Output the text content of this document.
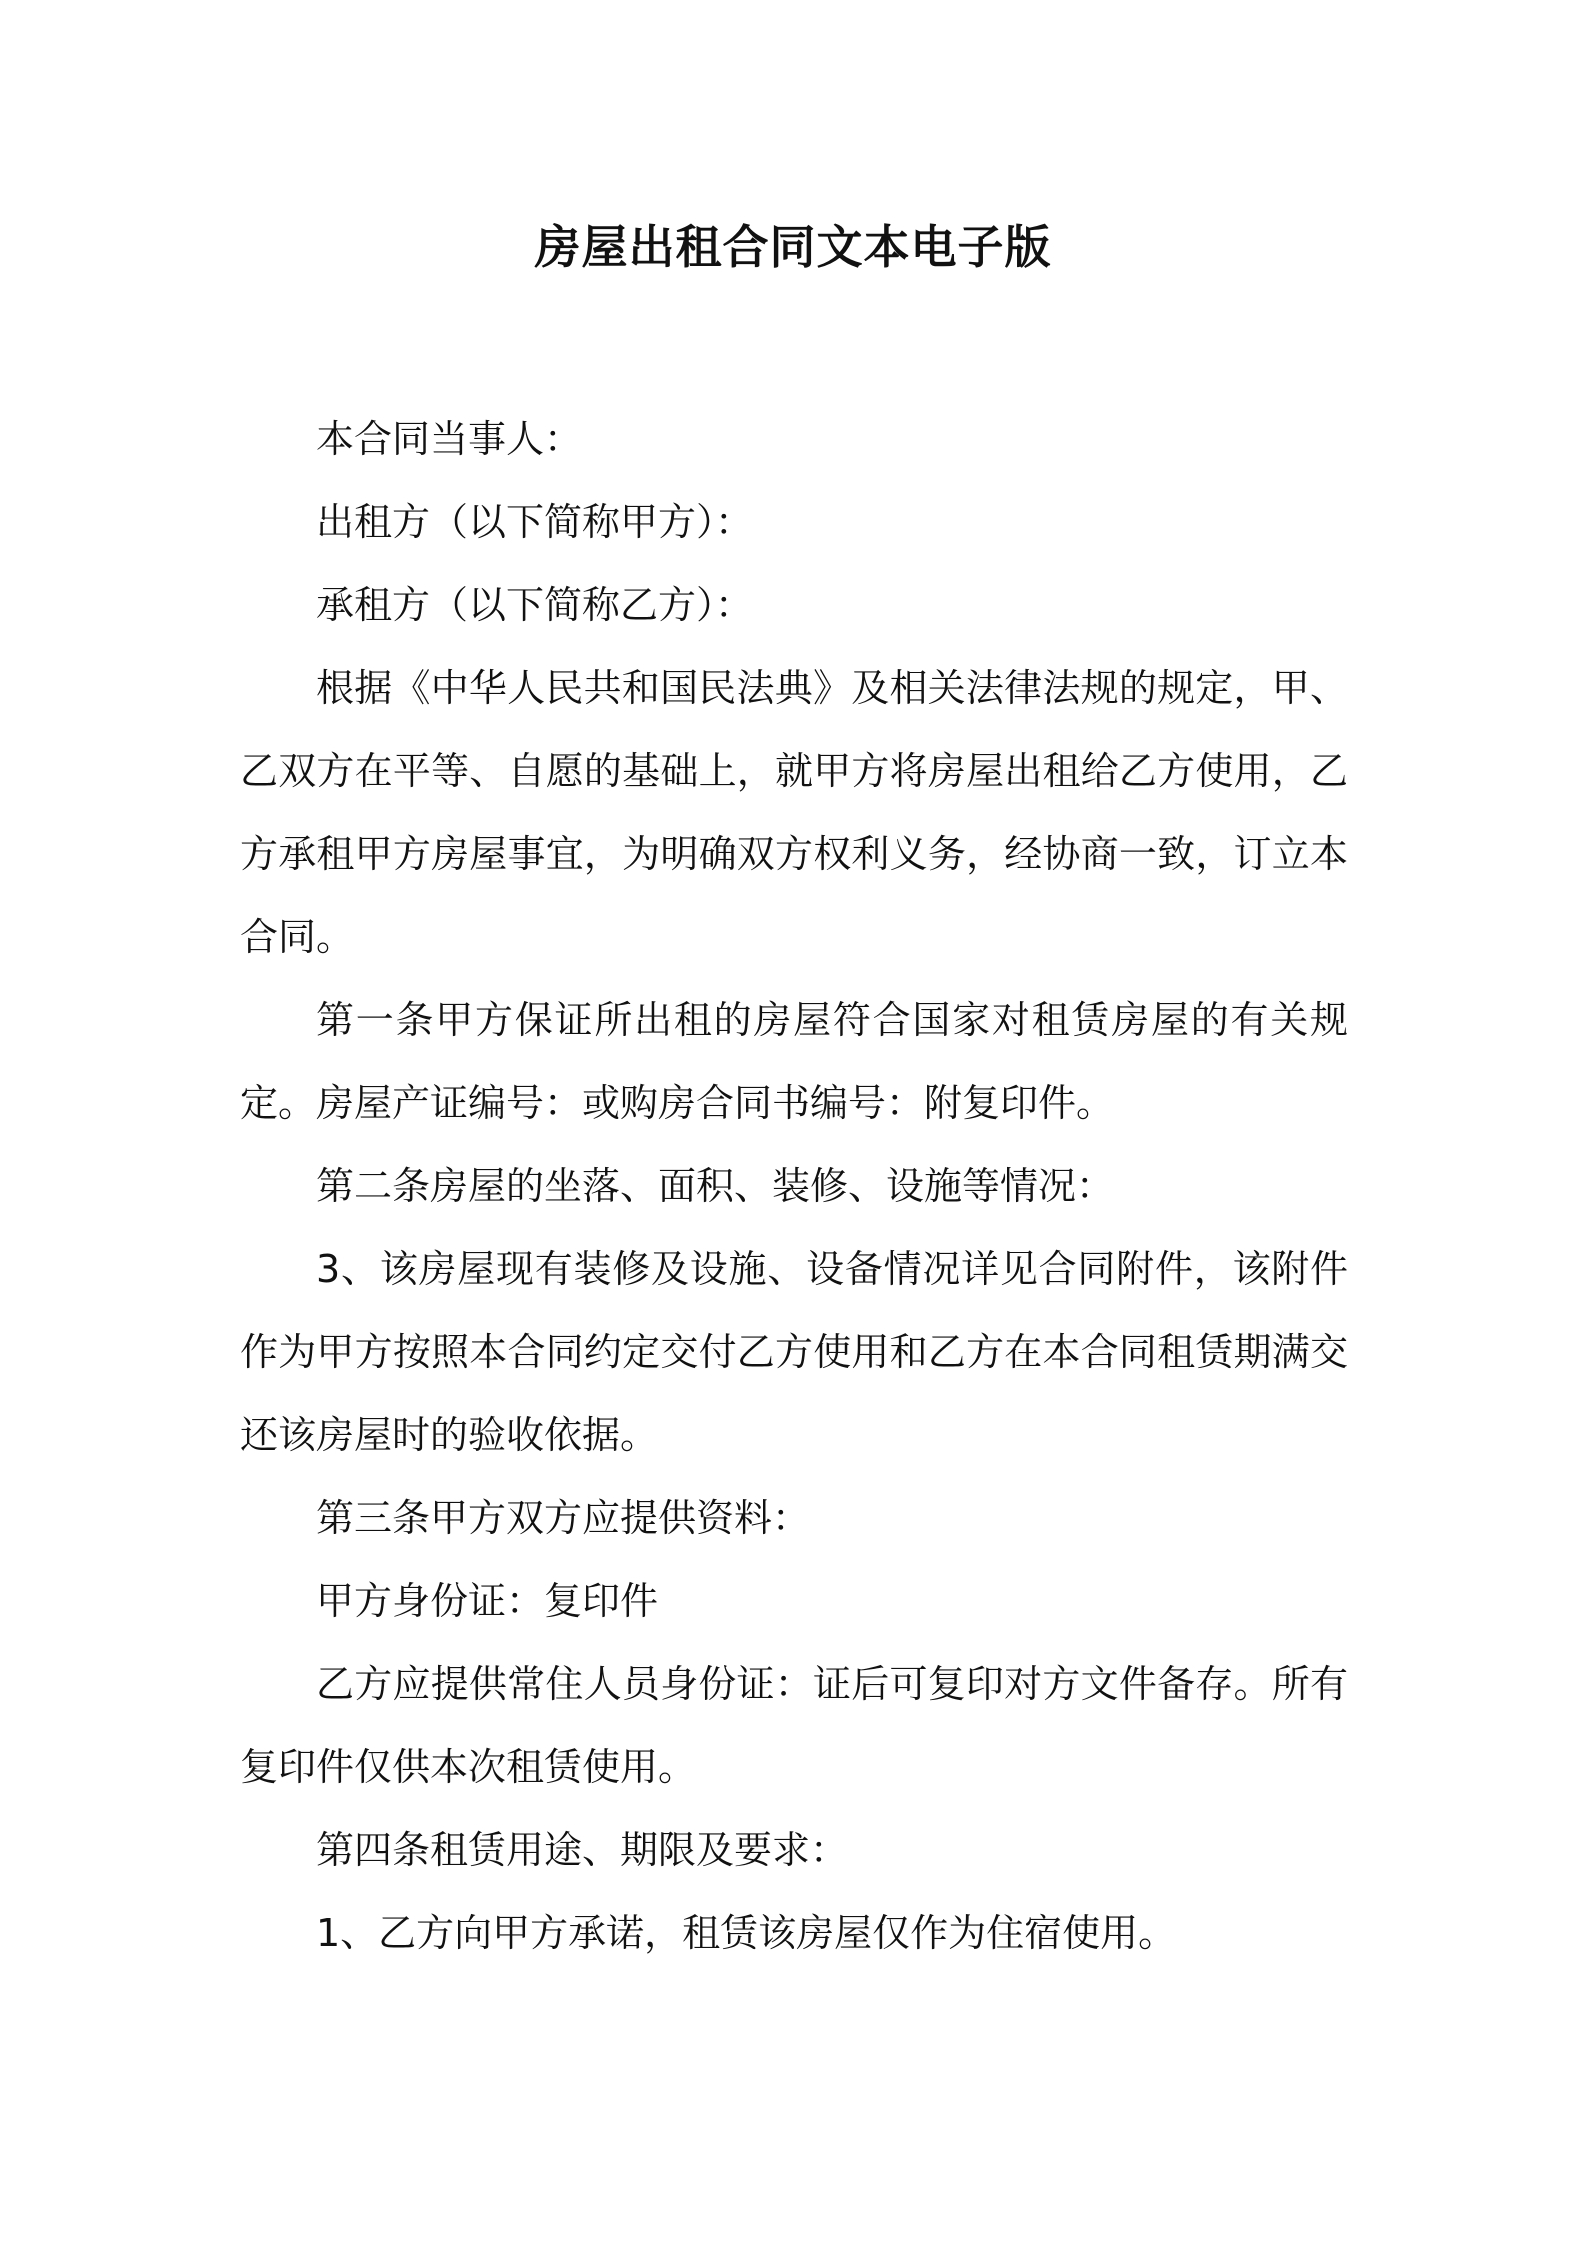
房屋出租合同文本电子版

本合同当事人：

出租方（以下简称甲方）：

承租方（以下简称乙方）：

根据《中华人民共和国民法典》及相关法律法规的规定，甲、乙双方在平等、自愿的基础上，就甲方将房屋出租给乙方使用，乙方承租甲方房屋事宜，为明确双方权利义务，经协商一致，订立本合同。

第一条甲方保证所出租的房屋符合国家对租赁房屋的有关规定。房屋产证编号：或购房合同书编号：附复印件。

第二条房屋的坐落、面积、装修、设施等情况：

3、该房屋现有装修及设施、设备情况详见合同附件，该附件作为甲方按照本合同约定交付乙方使用和乙方在本合同租赁期满交还该房屋时的验收依据。

第三条甲方双方应提供资料：

甲方身份证：复印件

乙方应提供常住人员身份证：证后可复印对方文件备存。所有复印件仅供本次租赁使用。

第四条租赁用途、期限及要求：

1、乙方向甲方承诺，租赁该房屋仅作为住宿使用。
